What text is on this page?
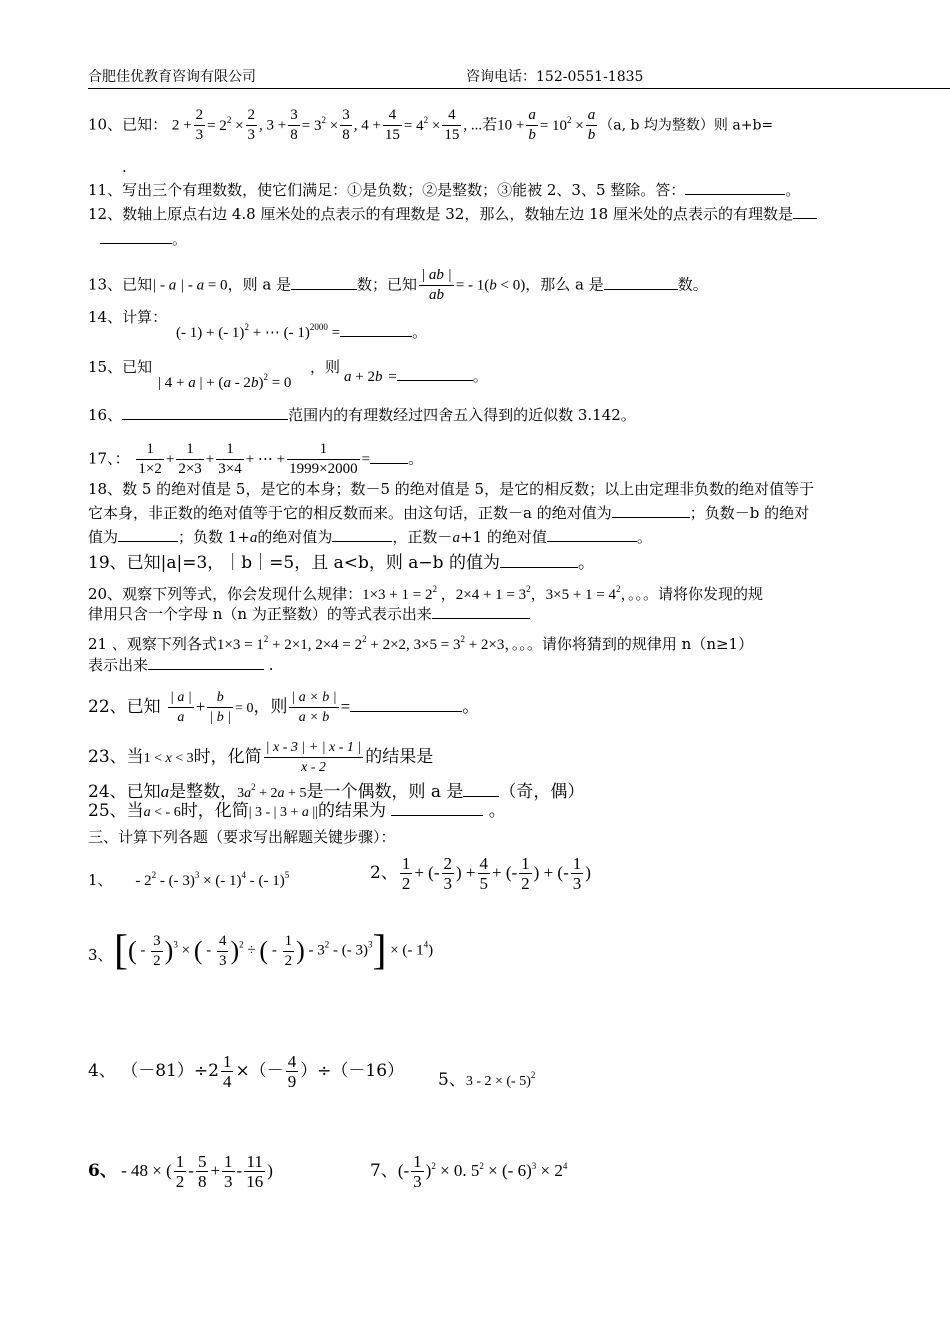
合肥佳优教育咨询有限公司	咨询电话：152-0551-1835
10、已知： $2 + \frac{2}{3} = 2^2 \times \frac{2}{3}$ , $3 + \frac{3}{8} = 3^2 \times \frac{3}{8}$ , $4 + \frac{4}{15} = 4^2 \times \frac{4}{15}$ , ...若$10 + \frac{a}{b} = 10^2 \times \frac{a}{b} (a$, b 均为整数）则 a+b=
.
11、写出三个有理数数，使它们满足：①是负数；②是整数；③能被 2、3、5 整除。答：	。
12、数轴上原点右边 4.8 厘米处的点表示的有理数是 32，那么，数轴左边 18 厘米处的点表示的有理数是
。
13、已知| - a | - a = 0，则 a 是	数；已知 $\frac{| ab |}{ab}$ = - 1(b < 0)，那么 a 是	数。
14、计算：
(- 1) + (- 1)$^2$ + ⋯ (- 1)$^{2000}$ =	。
15、已知
| 4 + a | + (a - 2b)$^2$ = 0
，则
a + 2b =	。
16、	范围内的有理数经过四舍五入得到的近似数 3.142。
17、： $\frac{1}{1\times 2} + \frac{1}{2\times 3} + \frac{1}{3\times 4}$ + ⋯ + $\frac{1}{1999\times 2000}$ =	。
18、数 5 的绝对值是 5，是它的本身；数－5 的绝对值是 5，是它的相反数；以上由定理非负数的绝对值等于
它本身，非正数的绝对值等于它的相反数而来。由这句话，正数－a 的绝对值为	；负数－b 的绝对
值为	；负数 1+a的绝对值为	，正数－a+1 的绝对值	。
19、已知|a|=3，｜b｜=5，且 a<b，则 a−b 的值为	。
20、观察下列等式，你会发现什么规律：$1\times 3 + 1 = 2^2$ ，$2\times 4 + 1 = 3^2$，$3\times 5 + 1 = 4^2$，。。。请将你发现的规
律用只含一个字母 n（n 为正整数）的等式表示出来
21 、观察下列各式$1\times 3 = 1^2 + 2\times 1$, $2\times 4 = 2^2 + 2\times 2$, $3\times 5 = 3^2 + 2\times 3$，。。。请你将猜到的规律用 n（n≥1）
表示出来	.
22、已知 $\frac{| a |}{a} + \frac{b}{| b |} = 0$，则 $\frac{| a \times b |}{a \times b}$ =	。
23、当1 < x < 3时，化简 $\frac{| x - 3 | + | x - 1 |}{x - 2}$ 的结果是
24、已知a是整数，$3a^2 + 2a + 5$是一个偶数，则 a 是 （奇，偶）
25、当a < - 6时，化简| 3 - | 3 + a ||的结果为	。
三、计算下列各题（要求写出解题关键步骤）：
1、 - $2^2$ - (- 3)$^3$ × (- 1)$^4$ - (- 1)$^5$	2、 $\frac{1}{2}$ + (- $\frac{2}{3}$ ) + $\frac{4}{5}$ + (- $\frac{1}{2}$ ) + (- $\frac{1}{3}$ )
3、 [( - $\frac{3}{2} )^3$ × ( - $\frac{4}{3} )^2$ ÷ ( - $\frac{1}{2}$ ) - $3^2$ - (- 3)$^3$] × (- $1^4$)
4、 $(-81)\div 2 \frac{1}{4}$ ×（－ $\frac{4}{9} )\div(-16)$ 5、3 - 2 × (- 5)$^2$
6、 - 48 × ( $\frac{1}{2} - \frac{5}{8} + \frac{1}{3} - \frac{11}{16}$ )	7、(- $\frac{1}{3} )^2 \times 0$. $5^2$ × (- $6)^3 \times 2^4$
